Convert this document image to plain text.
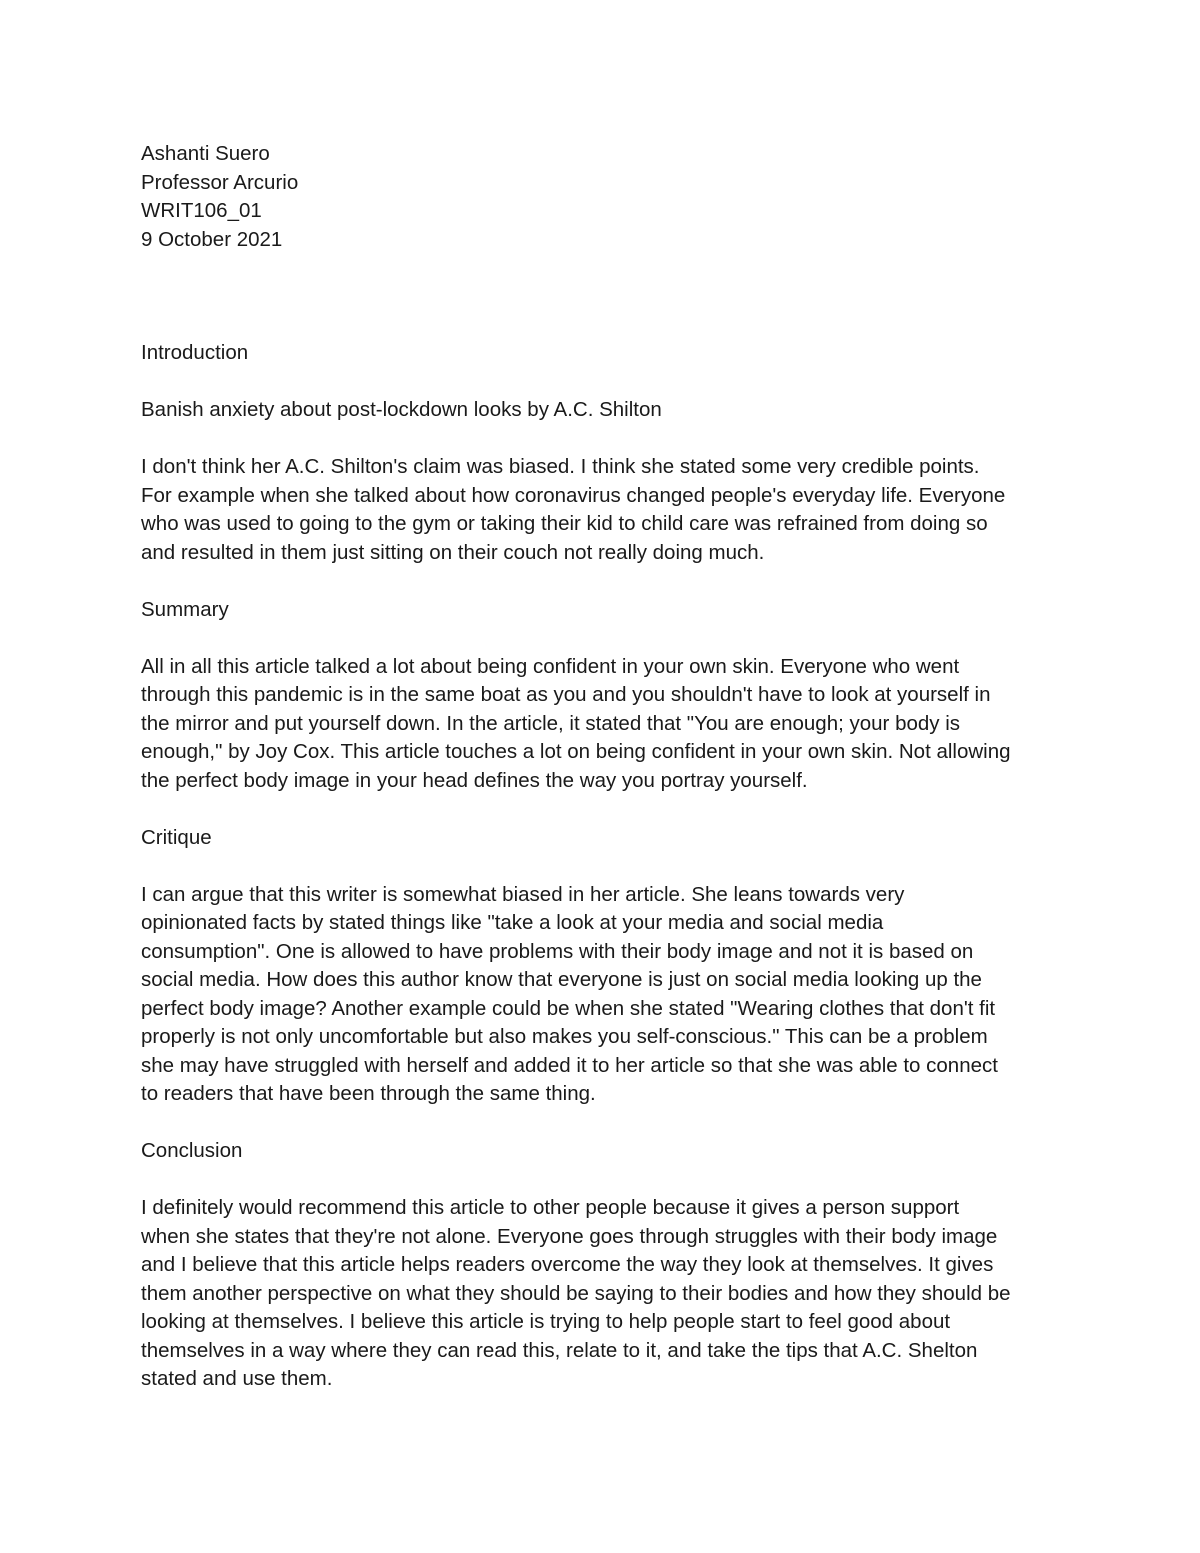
Ashanti Suero

Professor Arcurio

WRIT106_01

9 October 2021

Introduction

Banish anxiety about post-lockdown looks by A.C. Shilton

I don't think her A.C. Shilton's claim was biased. I think she stated some very credible points.
For example when she talked about how coronavirus changed people's everyday life. Everyone
who was used to going to the gym or taking their kid to child care was refrained from doing so
and resulted in them just sitting on their couch not really doing much.

Summary

All in all this article talked a lot about being confident in your own skin. Everyone who went
through this pandemic is in the same boat as you and you shouldn't have to look at yourself in
the mirror and put yourself down. In the article, it stated that "You are enough; your body is
enough," by Joy Cox. This article touches a lot on being confident in your own skin. Not allowing
the perfect body image in your head defines the way you portray yourself.

Critique

I can argue that this writer is somewhat biased in her article. She leans towards very
opinionated facts by stated things like "take a look at your media and social media
consumption". One is allowed to have problems with their body image and not it is based on
social media. How does this author know that everyone is just on social media looking up the
perfect body image? Another example could be when she stated "Wearing clothes that don't fit
properly is not only uncomfortable but also makes you self-conscious." This can be a problem
she may have struggled with herself and added it to her article so that she was able to connect
to readers that have been through the same thing.

Conclusion

I definitely would recommend this article to other people because it gives a person support
when she states that they're not alone. Everyone goes through struggles with their body image
and I believe that this article helps readers overcome the way they look at themselves. It gives
them another perspective on what they should be saying to their bodies and how they should be
looking at themselves. I believe this article is trying to help people start to feel good about
themselves in a way where they can read this, relate to it, and take the tips that A.C. Shelton
stated and use them.
